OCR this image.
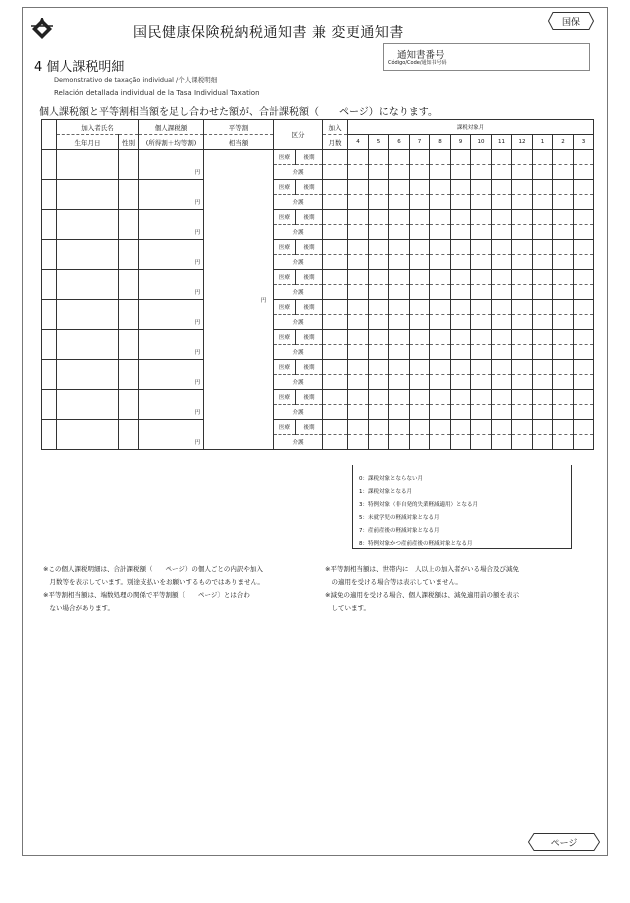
国民健康保険税納税通知書 兼 変更通知書
国保
通知書番号
Código/Code/通知书号码
4 個人課税明細
Demonstrativo de taxação individual /个人课税明细
Relación detallada individual de la Tasa Individual Taxation
個人課税額と平等割相当額を足し合わせた額が、合計課税額（　　ページ）になります。
	加入者氏名		個人課税額	平等割	区分		加入	課税対象月											
	生年月日	性別	(所得割＋均等割)	相当額			月数	4	5	6	7	8	9	10	11	12	1	2	3
			円	円	医療	後期													
					介護														
			円		医療	後期													
					介護														
			円		医療	後期													
					介護														
			円		医療	後期													
					介護														
			円		医療	後期													
					介護														
			円		医療	後期													
					介護														
			円		医療	後期													
					介護														
			円		医療	後期													
					介護														
			円		医療	後期													
					介護														
			円		医療	後期													
					介護														
0：課税対象とならない月
1：課税対象となる月
3：特例対象（非自発的失業軽減適用）となる月
5：未就学児の軽減対象となる月
7：産前産後の軽減対象となる月
8：特例対象かつ産前産後の軽減対象となる月
※この個人課税明細は、合計課税額（　　ページ）の個人ごとの内訳や加入
　月数等を表示しています。別途支払いをお願いするものではありません。
※平等割相当額は、端数処理の関係で平等割額〔　　ページ〕とは合わ
　ない場合があります。
※平等割相当額は、世帯内に　人以上の加入者がいる場合及び減免
　の適用を受ける場合等は表示していません。
※減免の適用を受ける場合、個人課税額は、減免適用前の額を表示
　しています。
ページ
